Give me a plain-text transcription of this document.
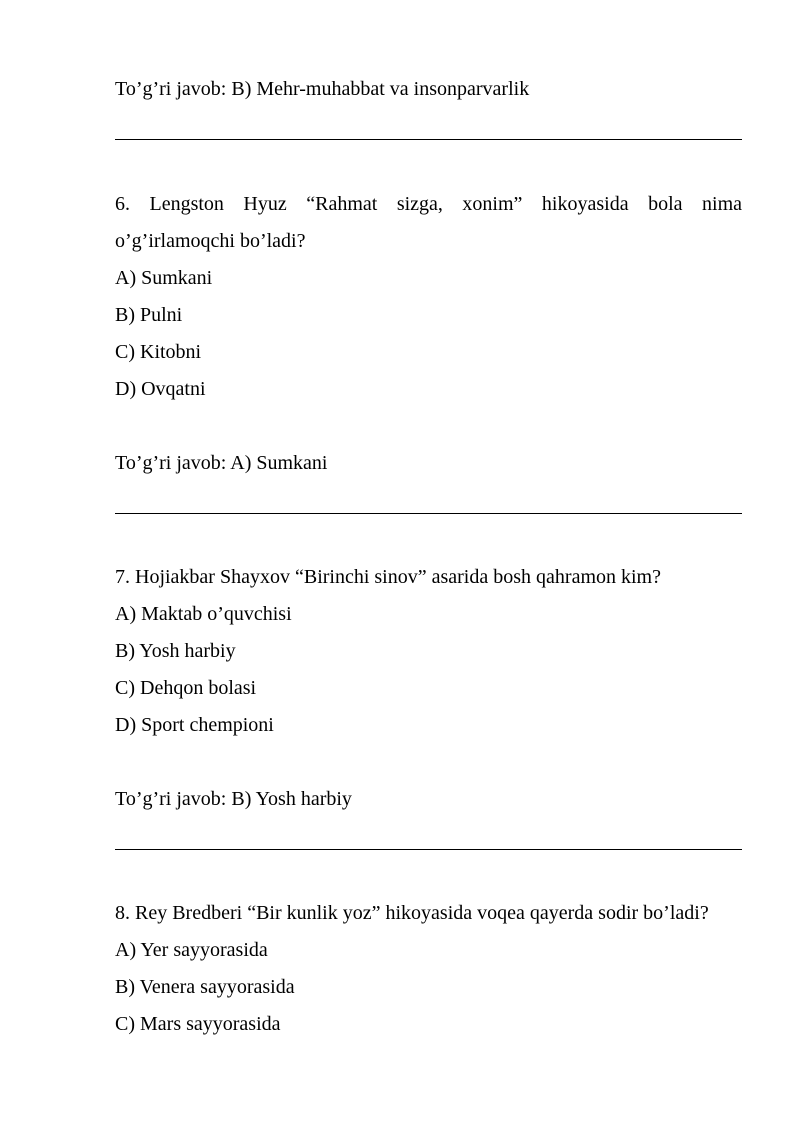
To’g’ri javob: B) Mehr-muhabbat va insonparvarlik
6. Lengston Hyuz “Rahmat sizga, xonim” hikoyasida bola nima
o’g’irlamoqchi bo’ladi?
A) Sumkani
B) Pulni
C) Kitobni
D) Ovqatni
To’g’ri javob: A) Sumkani
7. Hojiakbar Shayxov “Birinchi sinov” asarida bosh qahramon kim?
A) Maktab o’quvchisi
B) Yosh harbiy
C) Dehqon bolasi
D) Sport chempioni
To’g’ri javob: B) Yosh harbiy
8. Rey Bredberi “Bir kunlik yoz” hikoyasida voqea qayerda sodir bo’ladi?
A) Yer sayyorasida
B) Venera sayyorasida
C) Mars sayyorasida
